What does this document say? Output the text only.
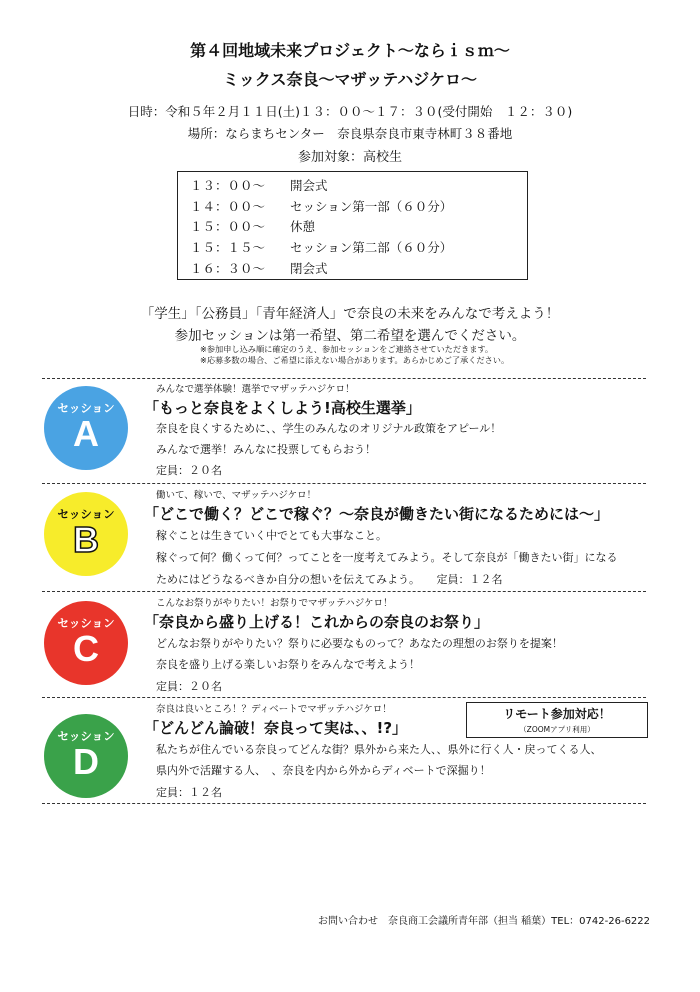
第４回地域未来プロジェクト〜ならｉｓｍ〜
ミックス奈良〜マザッテハジケロ〜
日時：令和５年２月１１日(土)１３：００〜１７：３０(受付開始　１２：３０)
場所：ならまちセンター　奈良県奈良市東寺林町３８番地
参加対象：高校生
１３：００〜 開会式
１４：００〜 セッション第一部（６０分）
１５：００〜 休憩
１５：１５〜 セッション第二部（６０分）
１６：３０〜 閉会式
「学生」「公務員」「青年経済人」で奈良の未来をみんなで考えよう！
参加セッションは第一希望、第二希望を選んでください。
※参加申し込み順に確定のうえ、参加セッションをご連絡させていただきます。
※応募多数の場合、ご希望に添えない場合があります。あらかじめご了承ください。
セッション
A
みんなで選挙体験！選挙でマザッテハジケロ！
「もっと奈良をよくしよう!高校生選挙」
奈良を良くするために、、学生のみんなのオリジナル政策をアピール！
みんなで選挙！みんなに投票してもらおう！
定員：２０名
セッション
B
働いて、稼いで、マザッテハジケロ！
「どこで働く？どこで稼ぐ？〜奈良が働きたい街になるためには〜」
稼ぐことは生きていく中でとても大事なこと。
稼ぐって何？働くって何？ってことを一度考えてみよう。そして奈良が「働きたい街」になる
ためにはどうなるべきか自分の想いを伝えてみよう。　　定員：１２名
セッション
C
こんなお祭りがやりたい！お祭りでマザッテハジケロ！
「奈良から盛り上げる！これからの奈良のお祭り」
どんなお祭りがやりたい？祭りに必要なものって？あなたの理想のお祭りを提案！
奈良を盛り上げる楽しいお祭りをみんなで考えよう！
定員：２０名
セッション
D
奈良は良いところ！？ディベートでマザッテハジケロ！
「どんどん論破！奈良って実は、、!?」
リモート参加対応！
（ZOOMアプリ利用）
私たちが住んでいる奈良ってどんな街？県外から来た人、、県外に行く人・戻ってくる人、
県内外で活躍する人、　、奈良を内から外からディベートで深掘り！
定員：１２名
お問い合わせ　奈良商工会議所青年部（担当 稲葉）TEL：0742-26-6222
